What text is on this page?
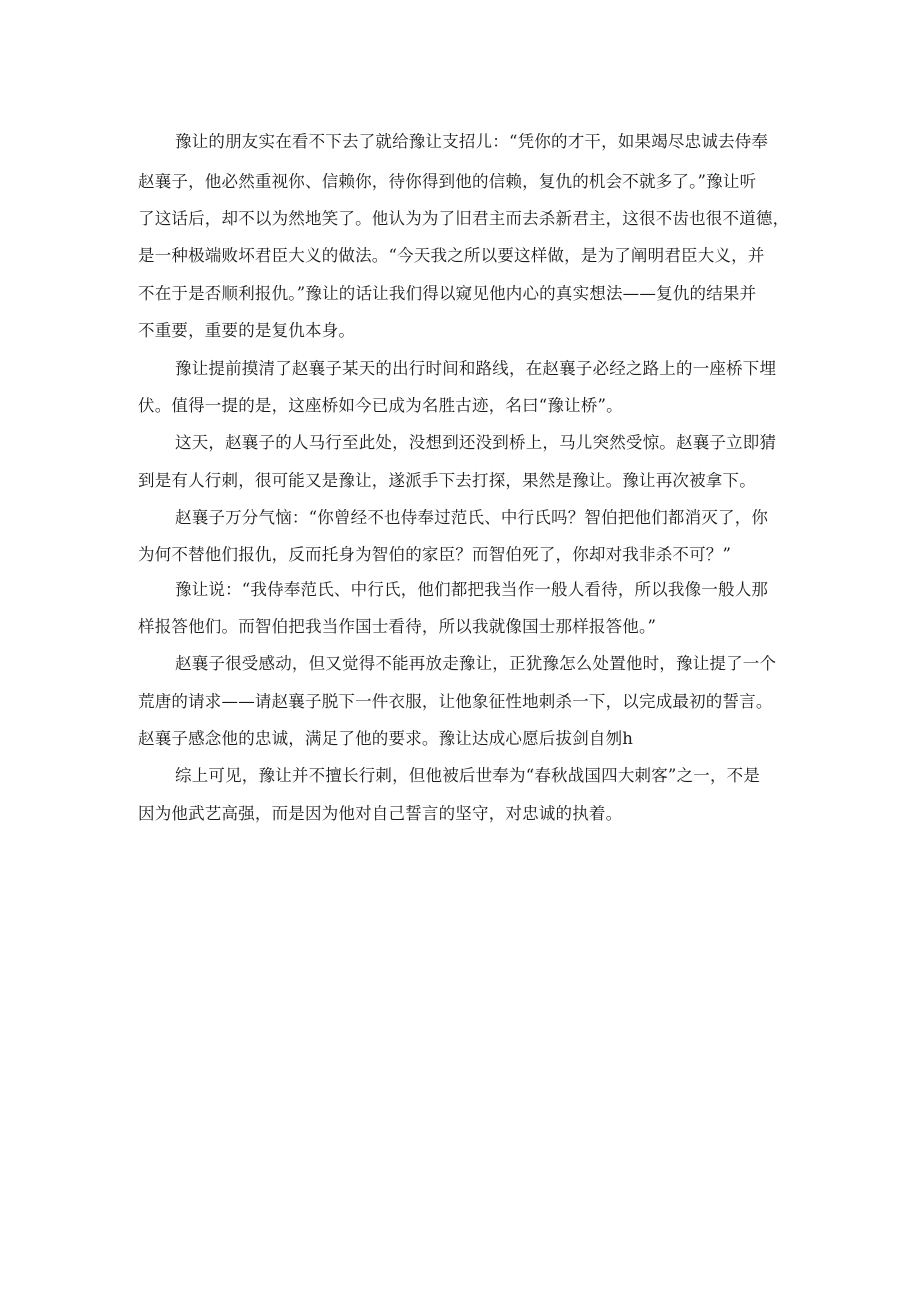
豫让的朋友实在看不下去了就给豫让支招儿：“凭你的才干，如果竭尽忠诚去侍奉
赵襄子，他必然重视你、信赖你，待你得到他的信赖，复仇的机会不就多了。”豫让听
了这话后，却不以为然地笑了。他认为为了旧君主而去杀新君主，这很不齿也很不道德，
是一种极端败坏君臣大义的做法。“今天我之所以要这样做，是为了阐明君臣大义，并
不在于是否顺利报仇。”豫让的话让我们得以窥见他内心的真实想法——复仇的结果并
不重要，重要的是复仇本身。
豫让提前摸清了赵襄子某天的出行时间和路线，在赵襄子必经之路上的一座桥下埋
伏。值得一提的是，这座桥如今已成为名胜古迹，名曰“豫让桥”。
这天，赵襄子的人马行至此处，没想到还没到桥上，马儿突然受惊。赵襄子立即猜
到是有人行刺，很可能又是豫让，遂派手下去打探，果然是豫让。豫让再次被拿下。
赵襄子万分气恼：“你曾经不也侍奉过范氏、中行氏吗？智伯把他们都消灭了，你
为何不替他们报仇，反而托身为智伯的家臣？而智伯死了，你却对我非杀不可？”
豫让说：“我侍奉范氏、中行氏，他们都把我当作一般人看待，所以我像一般人那
样报答他们。而智伯把我当作国士看待，所以我就像国士那样报答他。”
赵襄子很受感动，但又觉得不能再放走豫让，正犹豫怎么处置他时，豫让提了一个
荒唐的请求——请赵襄子脱下一件衣服，让他象征性地刺杀一下，以完成最初的誓言。
赵襄子感念他的忠诚，满足了他的要求。豫让达成心愿后拔剑自刎h
综上可见，豫让并不擅长行刺，但他被后世奉为“春秋战国四大刺客”之一，不是
因为他武艺高强，而是因为他对自己誓言的坚守，对忠诚的执着。
